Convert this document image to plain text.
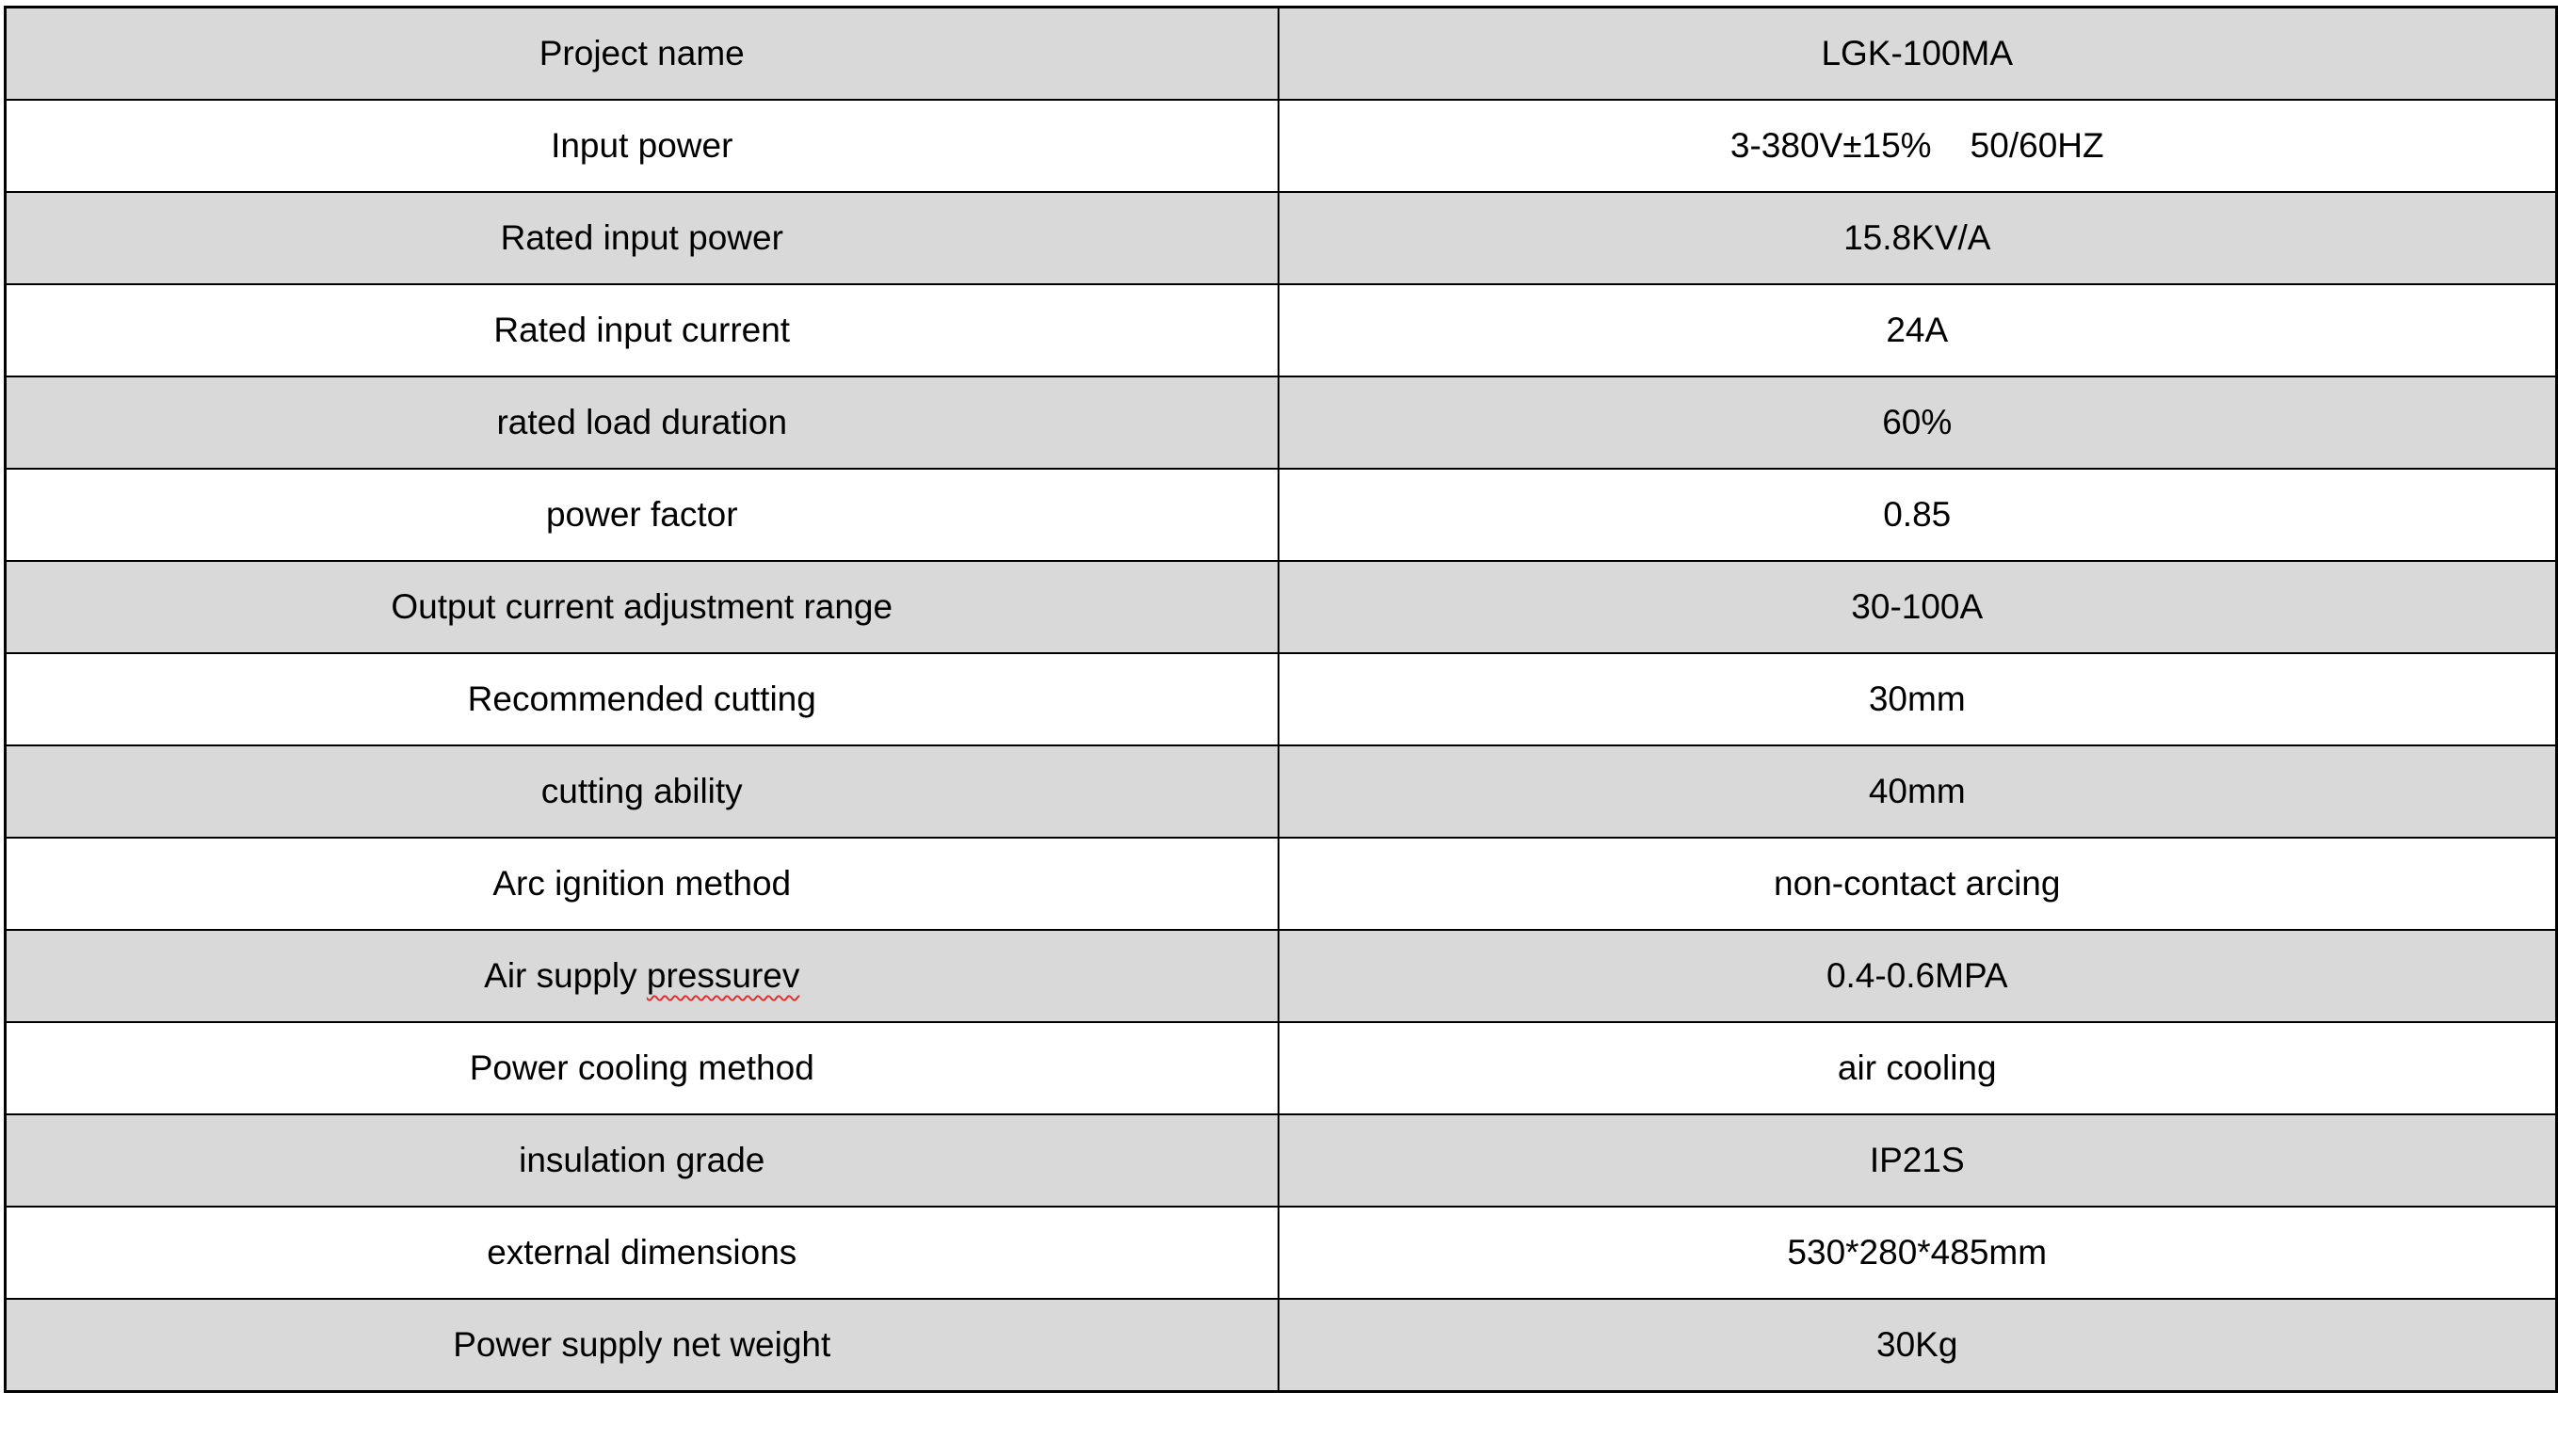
Project name	LGK-100MA
Input power	3-380V±15%    50/60HZ
Rated input power	15.8KV/A
Rated input current	24A
rated load duration	60%
power factor	0.85
Output current adjustment range	30-100A
Recommended cutting	30mm
cutting ability	40mm
Arc ignition method	non-contact arcing
Air supply pressurev	0.4-0.6MPA
Power cooling method	air cooling
insulation grade	IP21S
external dimensions	530*280*485mm
Power supply net weight	30Kg
